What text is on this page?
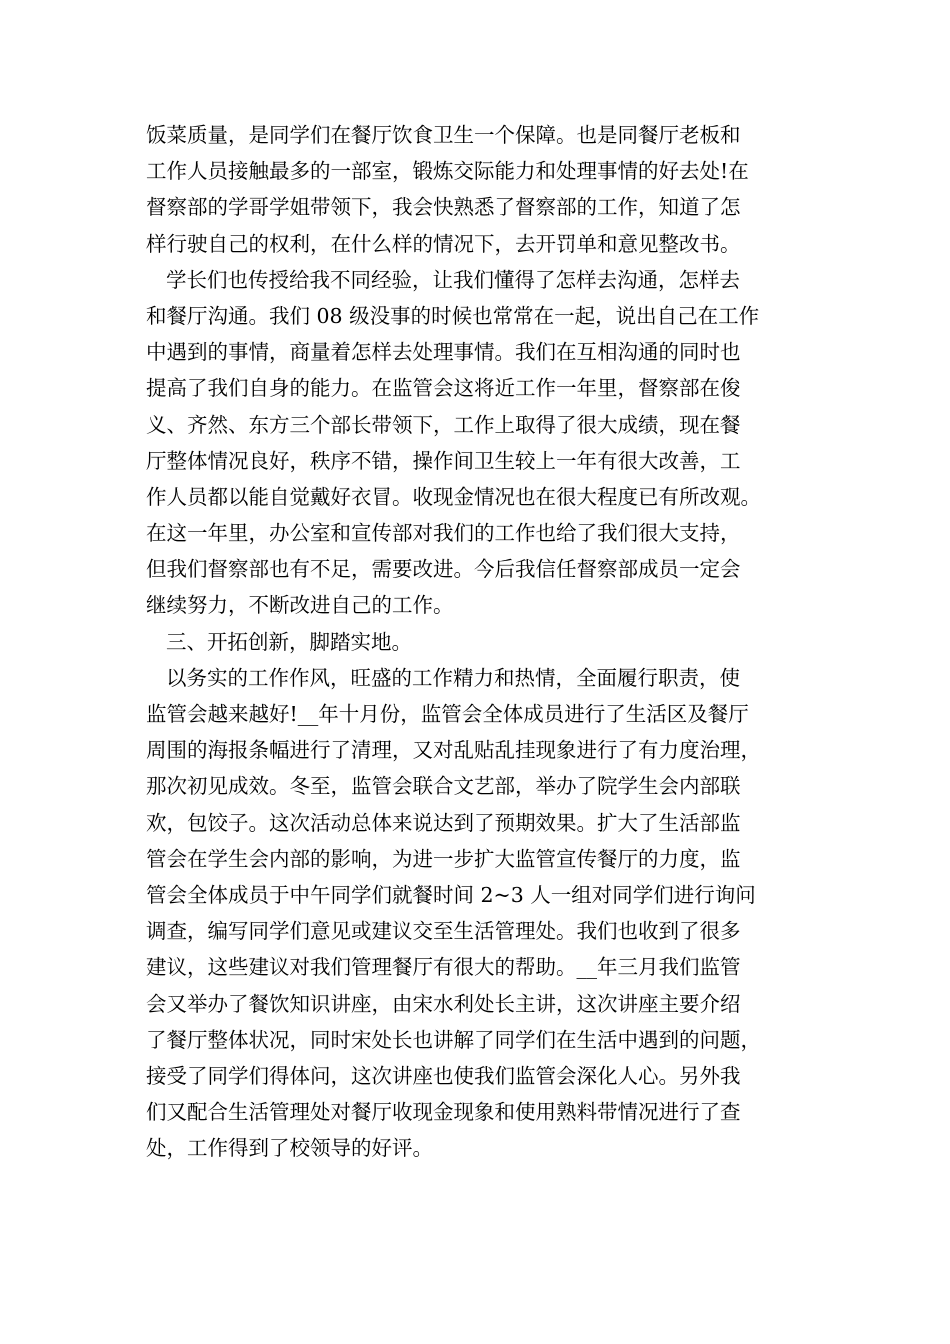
饭菜质量，是同学们在餐厅饮食卫生一个保障。也是同餐厅老板和
工作人员接触最多的一部室，锻炼交际能力和处理事情的好去处!在
督察部的学哥学姐带领下，我会快熟悉了督察部的工作，知道了怎
样行驶自己的权利，在什么样的情况下，去开罚单和意见整改书。
学长们也传授给我不同经验，让我们懂得了怎样去沟通，怎样去
和餐厅沟通。我们 08 级没事的时候也常常在一起，说出自己在工作
中遇到的事情，商量着怎样去处理事情。我们在互相沟通的同时也
提高了我们自身的能力。在监管会这将近工作一年里，督察部在俊
义、齐然、东方三个部长带领下，工作上取得了很大成绩，现在餐
厅整体情况良好，秩序不错，操作间卫生较上一年有很大改善，工
作人员都以能自觉戴好衣冒。收现金情况也在很大程度已有所改观。
在这一年里，办公室和宣传部对我们的工作也给了我们很大支持，
但我们督察部也有不足，需要改进。今后我信任督察部成员一定会
继续努力，不断改进自己的工作。
三、开拓创新，脚踏实地。
以务实的工作作风，旺盛的工作精力和热情，全面履行职责，使
监管会越来越好!__年十月份，监管会全体成员进行了生活区及餐厅
周围的海报条幅进行了清理，又对乱贴乱挂现象进行了有力度治理，
那次初见成效。冬至，监管会联合文艺部，举办了院学生会内部联
欢，包饺子。这次活动总体来说达到了预期效果。扩大了生活部监
管会在学生会内部的影响，为进一步扩大监管宣传餐厅的力度，监
管会全体成员于中午同学们就餐时间 2~3 人一组对同学们进行询问
调查，编写同学们意见或建议交至生活管理处。我们也收到了很多
建议，这些建议对我们管理餐厅有很大的帮助。__年三月我们监管
会又举办了餐饮知识讲座，由宋水利处长主讲，这次讲座主要介绍
了餐厅整体状况，同时宋处长也讲解了同学们在生活中遇到的问题，
接受了同学们得体问，这次讲座也使我们监管会深化人心。另外我
们又配合生活管理处对餐厅收现金现象和使用熟料带情况进行了查
处，工作得到了校领导的好评。
